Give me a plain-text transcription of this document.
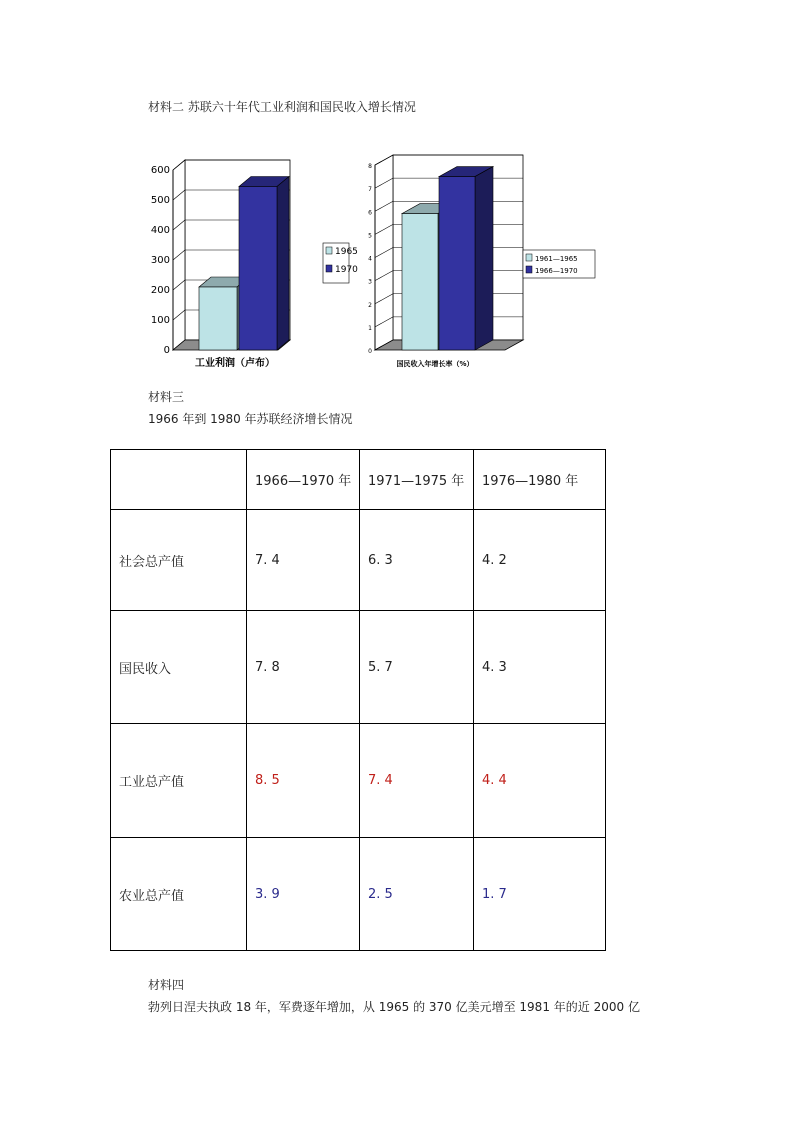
材料二 苏联六十年代工业利润和国民收入增长情况
0
100
200
300
400
500
600
工业利润（卢布）
1965
1970
0
1
2
3
4
5
6
7
8
国民收入年增长率（%）
1961—1965
1966—1970
材料三
1966 年到 1980 年苏联经济增长情况
	1966—1970 年	1971—1975 年	1976—1980 年
社会总产值	7. 4	6. 3	4. 2
国民收入	7. 8	5. 7	4. 3
工业总产值	8. 5	7. 4	4. 4
农业总产值	3. 9	2. 5	1. 7
材料四
勃列日涅夫执政 18 年，军费逐年增加，从 1965 的 370 亿美元增至 1981 年的近 2000 亿
